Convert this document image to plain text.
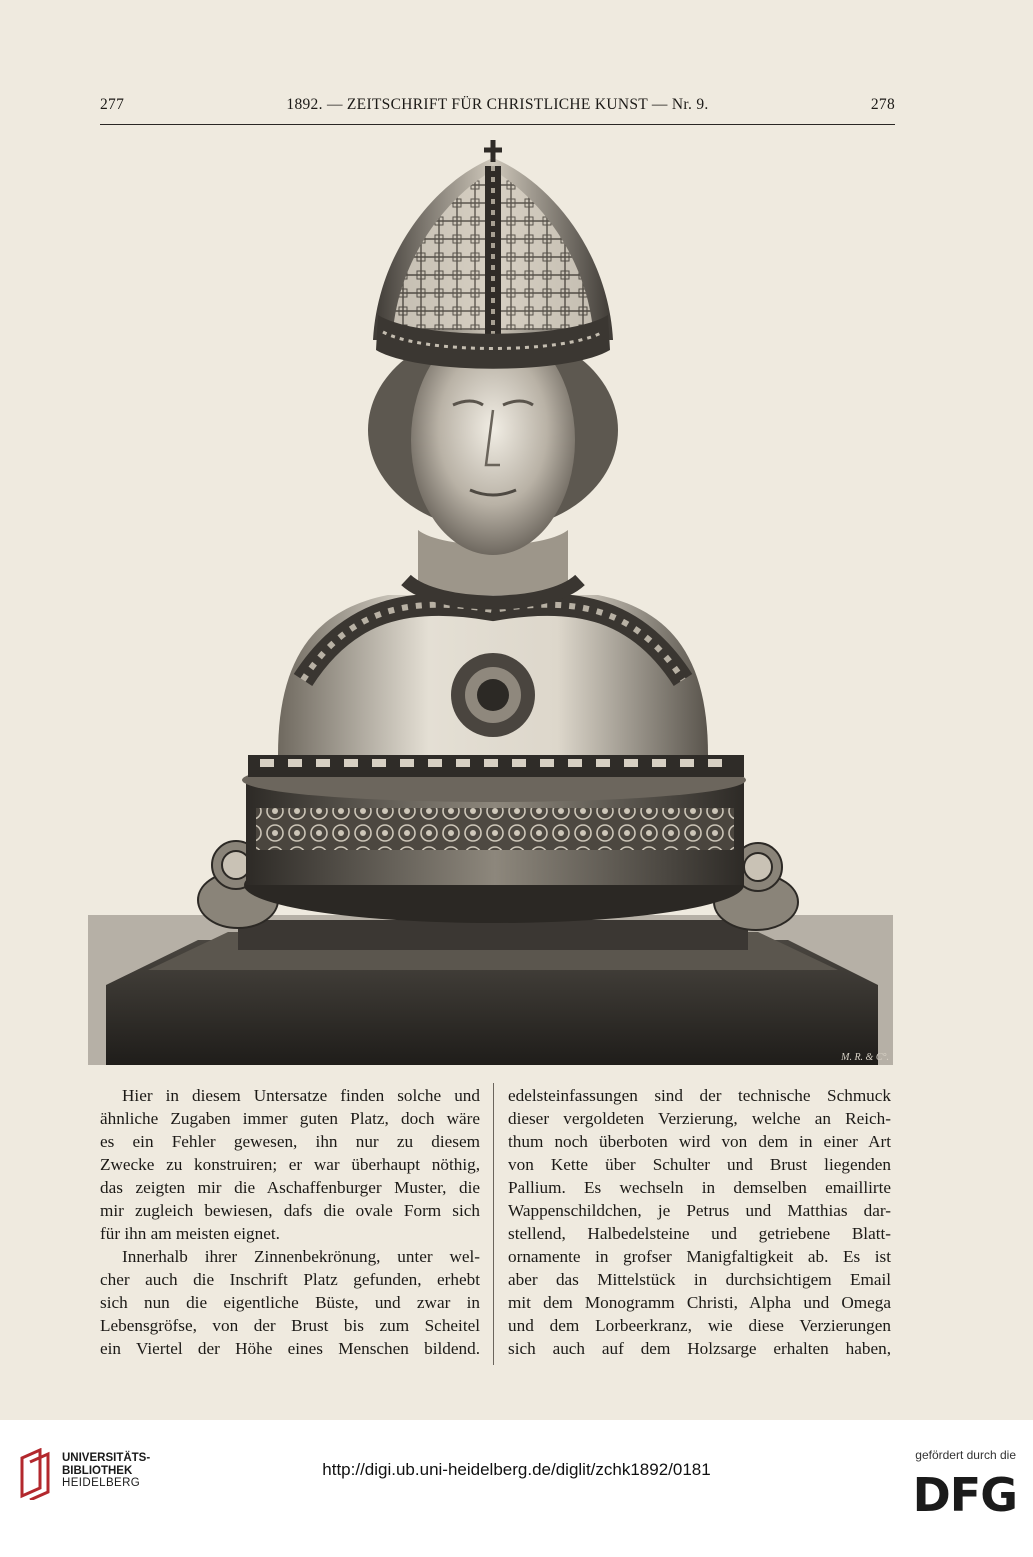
277	1892. — ZEITSCHRIFT FÜR CHRISTLICHE KUNST — Nr. 9.	278
M. R. & C°.
Hier in diesem Untersatze finden solche und
ähnliche Zugaben immer guten Platz, doch wäre
es ein Fehler gewesen, ihn nur zu diesem
Zwecke zu konstruiren; er war überhaupt nöthig,
das zeigten mir die Aschaffenburger Muster, die
mir zugleich bewiesen, dafs die ovale Form sich
für ihn am meisten eignet.
Innerhalb ihrer Zinnenbekrönung, unter wel-
cher auch die Inschrift Platz gefunden, erhebt
sich nun die eigentliche Büste, und zwar in
Lebensgröfse, von der Brust bis zum Scheitel
ein Viertel der Höhe eines Menschen bildend.
edelsteinfassungen sind der technische Schmuck
dieser vergoldeten Verzierung, welche an Reich-
thum noch überboten wird von dem in einer Art
von Kette über Schulter und Brust liegenden
Pallium. Es wechseln in demselben emaillirte
Wappenschildchen, je Petrus und Matthias dar-
stellend, Halbedelsteine und getriebene Blatt-
ornamente in grofser Manigfaltigkeit ab. Es ist
aber das Mittelstück in durchsichtigem Email
mit dem Monogramm Christi, Alpha und Omega
und dem Lorbeerkranz, wie diese Verzierungen
sich auch auf dem Holzsarge erhalten haben,
UNIVERSITÄTS-
BIBLIOTHEK
HEIDELBERG
http://digi.ub.uni-heidelberg.de/diglit/zchk1892/0181
gefördert durch die
DFG
